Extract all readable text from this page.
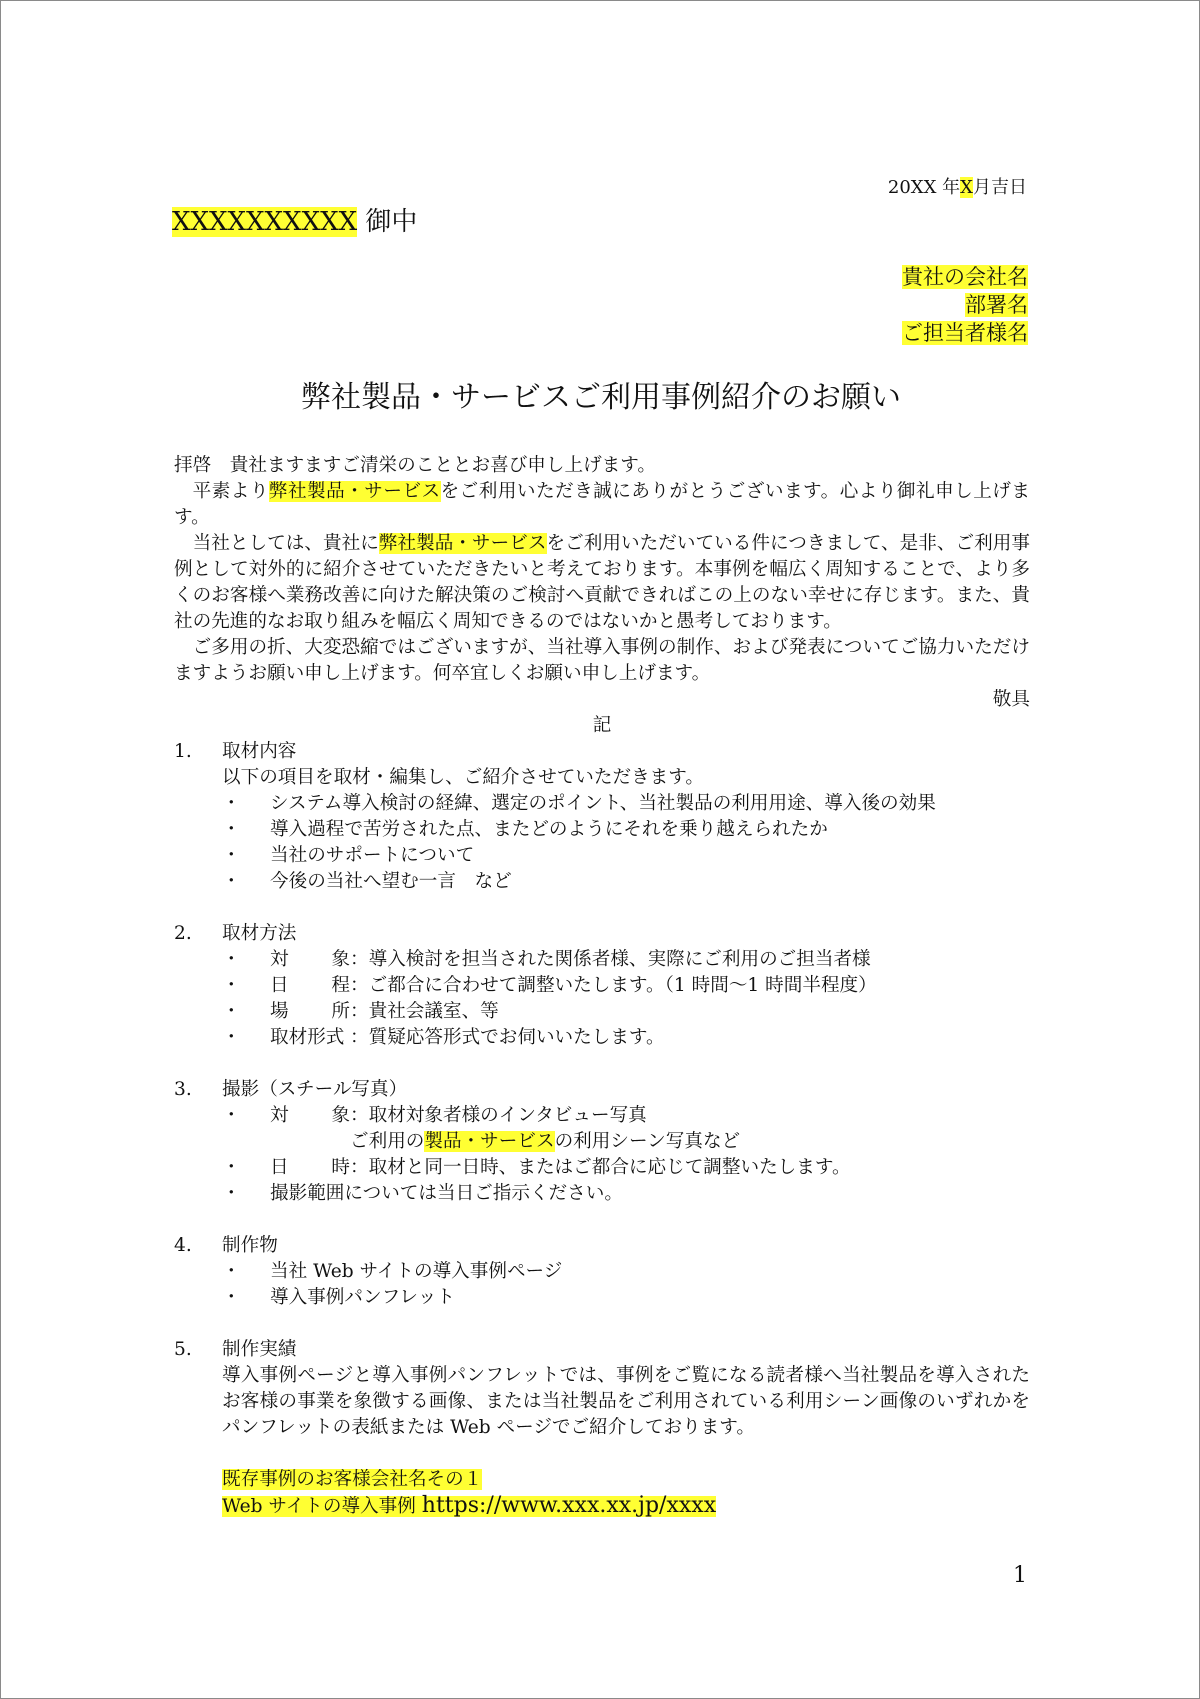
20XX 年X月吉日
XXXXXXXXXX 御中
貴社の会社名
部署名
ご担当者様名
弊社製品・サービスご利用事例紹介のお願い

拝啓　貴社ますますご清栄のこととお喜び申し上げます。

平素より弊社製品・サービスをご利用いただき誠にありがとうございます。心より御礼申し上げます。

当社としては、貴社に弊社製品・サービスをご利用いただいている件につきまして、是非、ご利用事例として対外的に紹介させていただきたいと考えております。本事例を幅広く周知することで、より多くのお客様へ業務改善に向けた解決策のご検討へ貢献できればこの上のない幸せに存じます。また、貴社の先進的なお取り組みを幅広く周知できるのではないかと愚考しております。

ご多用の折、大変恐縮ではございますが、当社導入事例の制作、および発表についてご協力いただけますようお願い申し上げます。何卒宜しくお願い申し上げます。

敬具

記

1.	取材内容
以下の項目を取材・編集し、ご紹介させていただきます。
・	システム導入検討の経緯、選定のポイント、当社製品の利用用途、導入後の効果
・	導入過程で苦労された点、またどのようにそれを乗り越えられたか
・	当社のサポートについて
・	今後の当社へ望む一言　など
2.	取材方法
・	対 象 ：導入検討を担当された関係者様、実際にご利用のご担当者様
・	日 程 ：ご都合に合わせて調整いたします。（1 時間～1 時間半程度）
・	場 所 ：貴社会議室、等
・	取材形式 ：質疑応答形式でお伺いいたします。
3.	撮影（スチール写真）
・	対 象 ：取材対象者様のインタビュー写真
ご利用の製品・サービスの利用シーン写真など
・	日 時 ：取材と同一日時、またはご都合に応じて調整いたします。
・	撮影範囲については当日ご指示ください。
4.	制作物
・	当社 Web サイトの導入事例ページ
・	導入事例パンフレット
5.	制作実績

導入事例ページと導入事例パンフレットでは、事例をご覧になる読者様へ当社製品を導入されたお客様の事業を象徴する画像、または当社製品をご利用されている利用シーン画像のいずれかをパンフレットの表紙または Web ページでご紹介しております。

既存事例のお客様会社名その１
Web サイトの導入事例 https://www.xxx.xx.jp/xxxx
1
